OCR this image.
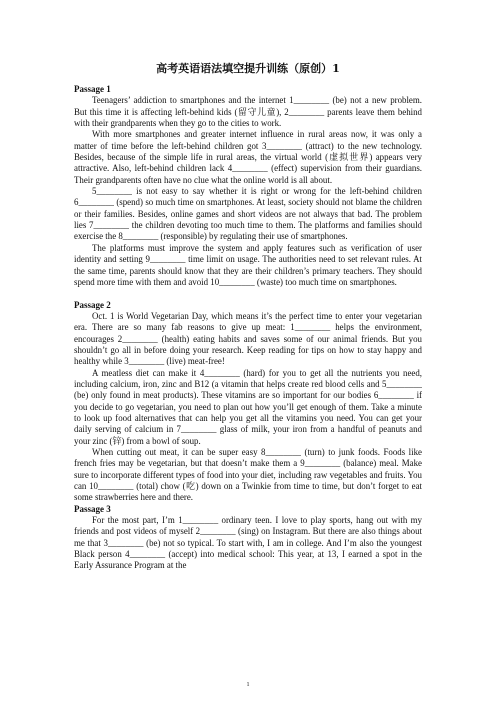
高考英语语法填空提升训练（原创）1
Passage 1

Teenagers’ addiction to smartphones and the internet 1________ (be) not a new problem. But this time it is affecting left-behind kids (留守儿童), 2________ parents leave them behind with their grandparents when they go to the cities to work.

With more smartphones and greater internet influence in rural areas now, it was only a matter of time before the left-behind children got 3________ (attract) to the new technology. Besides, because of the simple life in rural areas, the virtual world (虚拟世界) appears very attractive. Also, left-behind children lack 4________ (effect) supervision from their guardians. Their grandparents often have no clue what the online world is all about.

5________ is not easy to say whether it is right or wrong for the left-behind children 6________ (spend) so much time on smartphones. At least, society should not blame the children or their families. Besides, online games and short videos are not always that bad. The problem lies 7________ the children devoting too much time to them. The platforms and families should exercise the 8________ (responsible) by regulating their use of smartphones.

The platforms must improve the system and apply features such as verification of user identity and setting 9________ time limit on usage. The authorities need to set relevant rules. At the same time, parents should know that they are their children’s primary teachers. They should spend more time with them and avoid 10________ (waste) too much time on smartphones.

Passage 2

Oct. 1 is World Vegetarian Day, which means it’s the perfect time to enter your vegetarian era. There are so many fab reasons to give up meat: 1________ helps the environment, encourages 2________ (health) eating habits and saves some of our animal friends. But you shouldn’t go all in before doing your research. Keep reading for tips on how to stay happy and healthy while 3________ (live) meat-free!

A meatless diet can make it 4________ (hard) for you to get all the nutrients you need, including calcium, iron, zinc and B12 (a vitamin that helps create red blood cells and 5________ (be) only found in meat products). These vitamins are so important for our bodies 6________ if you decide to go vegetarian, you need to plan out how you’ll get enough of them. Take a minute to look up food alternatives that can help you get all the vitamins you need. You can get your daily serving of calcium in 7________ glass of milk, your iron from a handful of peanuts and your zinc (锌) from a bowl of soup.

When cutting out meat, it can be super easy 8________ (turn) to junk foods. Foods like french fries may be vegetarian, but that doesn’t make them a 9________ (balance) meal. Make sure to incorporate different types of food into your diet, including raw vegetables and fruits. You can 10________ (total) chow (吃) down on a Twinkie from time to time, but don’t forget to eat some strawberries here and there.

Passage 3

For the most part, I’m 1________ ordinary teen. I love to play sports, hang out with my friends and post videos of myself 2________ (sing) on Instagram. But there are also things about me that 3________ (be) not so typical. To start with, I am in college. And I’m also the youngest Black person 4________ (accept) into medical school: This year, at 13, I earned a spot in the Early Assurance Program at the

1
